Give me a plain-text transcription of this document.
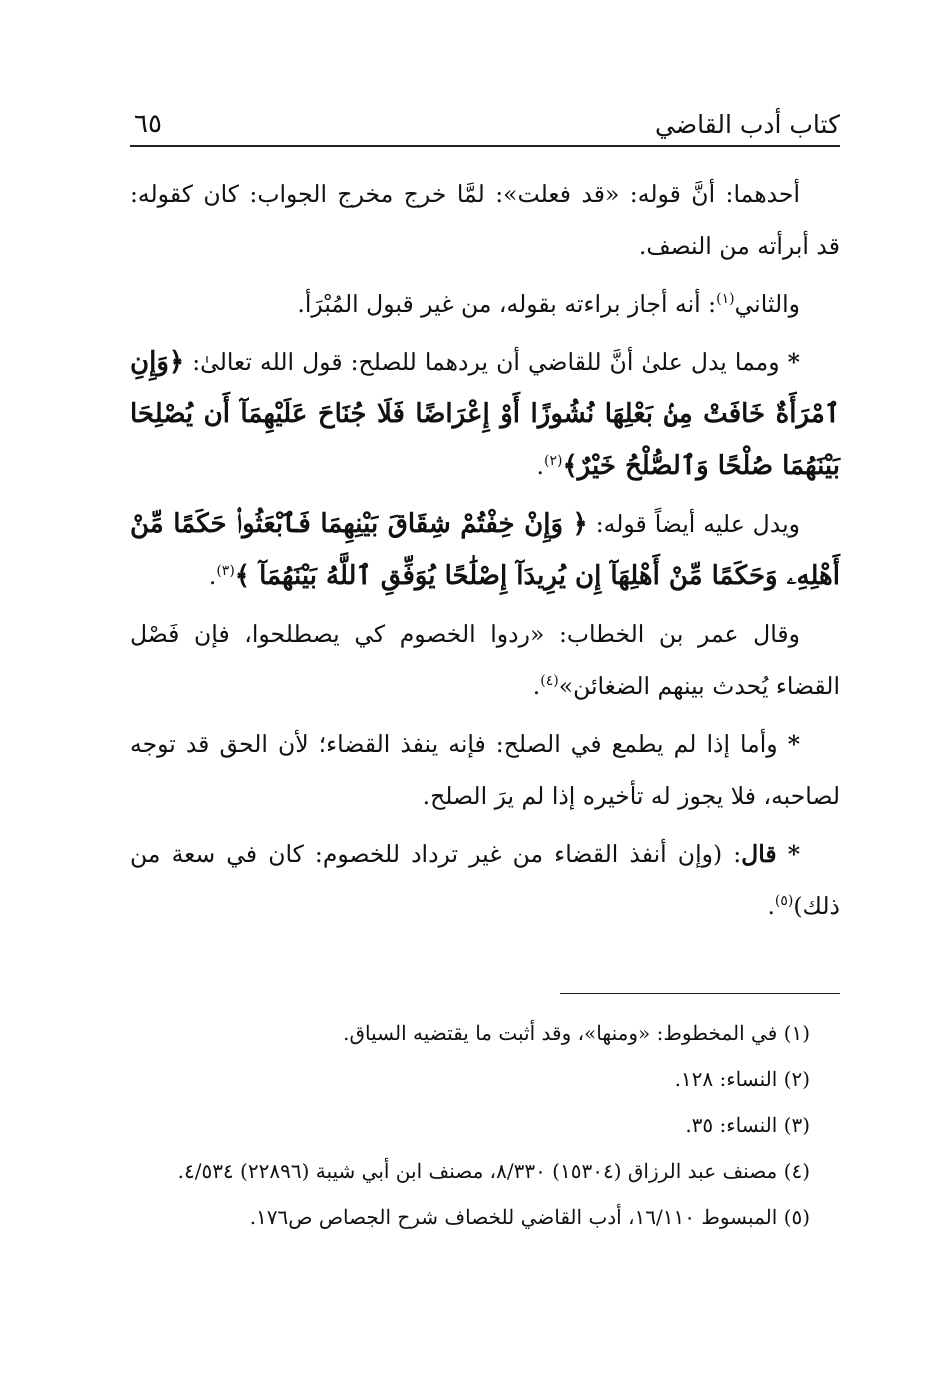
كتاب أدب القاضي
٦٥

أحدهما: أنَّ قوله: «قد فعلت»: لمَّا خرج مخرج الجواب: كان كقوله: قد أبرأته من النصف.

والثاني$^{(١)}$: أنه أجاز براءته بقوله، من غير قبول المُبْرَأ.

* ومما يدل علىٰ أنَّ للقاضي أن يردهما للصلح: قول الله تعالىٰ: ﴿وَإِنِ ٱمْرَأَةٌ خَافَتْ مِنۢ بَعْلِهَا نُشُوزًا أَوْ إِعْرَاضًا فَلَا جُنَاحَ عَلَيْهِمَآ أَن يُصْلِحَا بَيْنَهُمَا صُلْحًا وَٱلصُّلْحُ خَيْرٌ﴾$^{(٢)}$.

ويدل عليه أيضاً قوله: ﴿ وَإِنْ خِفْتُمْ شِقَاقَ بَيْنِهِمَا فَٱبْعَثُوا۟ حَكَمًا مِّنْ أَهْلِهِۦ وَحَكَمًا مِّنْ أَهْلِهَآ إِن يُرِيدَآ إِصْلَٰحًا يُوَفِّقِ ٱللَّهُ بَيْنَهُمَآ ﴾$^{(٣)}$.

وقال عمر بن الخطاب: «ردوا الخصوم كي يصطلحوا، فإن فَصْل القضاء يُحدث بينهم الضغائن»$^{(٤)}$.

* وأما إذا لم يطمع في الصلح: فإنه ينفذ القضاء؛ لأن الحق قد توجه لصاحبه، فلا يجوز له تأخيره إذا لم يرَ الصلح.

* قال: (وإن أنفذ القضاء من غير ترداد للخصوم: كان في سعة من ذلك)$^{(٥)}$.

(١) في المخطوط: «ومنها»، وقد أثبت ما يقتضيه السياق.

(٢) النساء: ١٢٨.

(٣) النساء: ٣٥.

(٤) مصنف عبد الرزاق (١٥٣٠٤) ٨/٣٣٠، مصنف ابن أبي شيبة (٢٢٨٩٦) ٤/٥٣٤.

(٥) المبسوط ١٦/١١٠، أدب القاضي للخصاف شرح الجصاص ص١٧٦.
